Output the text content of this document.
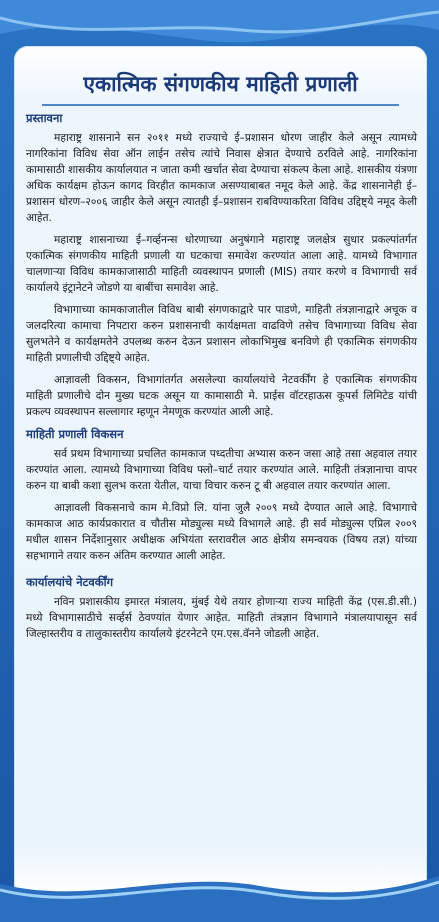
एकात्मिक संगणकीय माहिती प्रणाली
प्रस्तावना

महाराष्ट्र शासनाने सन २०११ मध्ये राज्याचे ई–प्रशासन धोरण जाहीर केले असून त्यामध्ये नागरिकांना विविध सेवा ऑन लाईन तसेच त्यांचे निवास क्षेत्रात देण्याचे ठरविले आहे. नागरिकांना कामासाठी शासकीय कार्यालयात न जाता कमी खर्चात सेवा देण्याचा संकल्प केला आहे. शासकीय यंत्रणा अधिक कार्यक्षम होऊन कागद विरहीत कामकाज असण्याबाबत नमूद केले आहे. केंद्र शासनानेही ई–प्रशासन धोरण–२००६ जाहीर केले असून त्यातही ई–प्रशासन राबविण्याकरिता विविध उद्दिष्ट्ये नमूद केली आहेत.

महाराष्ट्र शासनाच्या ई–गर्व्हनन्स धोरणाच्या अनुषंगाने महाराष्ट्र जलक्षेत्र सुधार प्रकल्पांतर्गत एकात्मिक संगणकीय माहिती प्रणाली या घटकाचा समावेश करण्यांत आला आहे. यामध्ये विभागात चालणाऱ्या विविध कामकाजासाठी माहिती व्यवस्थापन प्रणाली (MIS) तयार करणे व विभागाची सर्व कार्यालये इंट्रानेटने जोडणे या बाबींचा समावेश आहे.

विभागाच्या कामकाजातील विविध बाबी संगणकाद्वारे पार पाडणे, माहिती तंत्रज्ञानाद्वारे अचूक व जलदरित्या कामाचा निपटारा करुन प्रशासनाची कार्यक्षमता वाढविणे तसेच विभागाच्या विविध सेवा सुलभतेने व कार्यक्षमतेने उपलब्ध करुन देऊन प्रशासन लोकाभिमुख बनविणे ही एकात्मिक संगणकीय माहिती प्रणालीची उद्दिष्ट्ये आहेत.

आज्ञावली विकसन, विभागांतर्गत असलेल्या कार्यालयांचे नेटवर्कींग हे एकात्मिक संगणकीय माहिती प्रणालीचे दोन मुख्य घटक असून या कामासाठी मे. प्राईस वॉटरहाऊस कूपर्स लिमिटेड यांची प्रकल्प व्यवस्थापन सल्लागार म्हणून नेमणूक करण्यांत आली आहे.

माहिती प्रणाली विकसन

सर्व प्रथम विभागाच्या प्रचलित कामकाज पध्दतीचा अभ्यास करुन जसा आहे तसा अहवाल तयार करण्यांत आला. त्यामध्ये विभागाच्या विविध फ्लो–चार्ट तयार करण्यांत आले. माहिती तंत्रज्ञानाचा वापर करुन या बाबी कशा सुलभ करता येतील, याचा विचार करुन टू बी अहवाल तयार करण्यांत आला.

आज्ञावली विकसनाचे काम मे.विप्रो लि. यांना जुलै २००९ मध्ये देण्यात आले आहे. विभागाचे कामकाज आठ कार्यप्रकारात व चौतीस मोड्युल्स मध्ये विभागले आहे. ही सर्व मोड्युल्स एप्रिल २००९ मधील शासन निर्देशानुसार अधीक्षक अभियंता स्तरावरील आठ क्षेत्रीय समन्वयक (विषय तज्ञ) यांच्या सहभागाने तयार करुन अंतिम करण्यात आली आहेत.

कार्यालयांचे नेटवर्कींग

नविन प्रशासकीय इमारत मंत्रालय, मुंबई येथे तयार होणाऱ्या राज्य माहिती केंद्र (एस.डी.सी.) मध्ये विभागासाठीचे सर्व्हर्स ठेवण्यांत येणार आहेत. माहिती तंत्रज्ञान विभागाने मंत्रालयापासून सर्व जिल्हास्तरीय व तालुकास्तरीय कार्यालये इंटरनेटने एम.एस.वॅनने जोडली आहेत.
